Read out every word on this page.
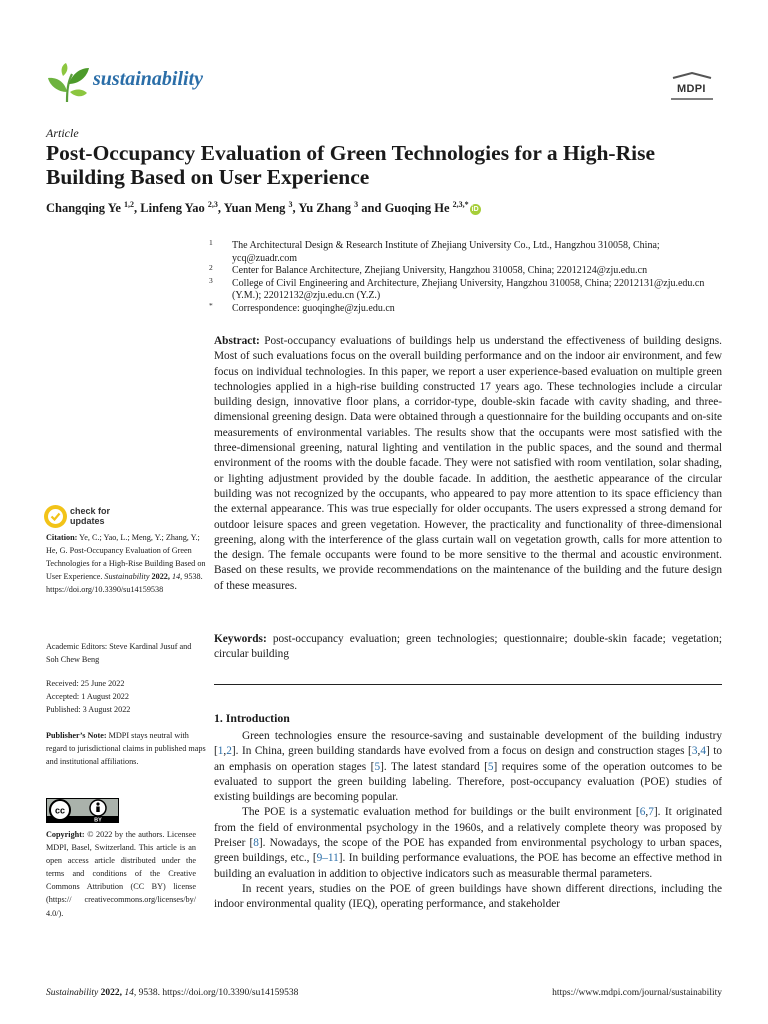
sustainability	MDPI
Article
Post-Occupancy Evaluation of Green Technologies for a High-Rise Building Based on User Experience
Changqing Ye $^{1,2}$, Linfeng Yao $^{2,3}$, Yuan Meng $^3$, Yu Zhang $^3$ and Guoqing He $^{2,3,*}$iD
1 The Architectural Design & Research Institute of Zhejiang University Co., Ltd., Hangzhou 310058, China; ycq@zuadr.com
2 Center for Balance Architecture, Zhejiang University, Hangzhou 310058, China; 22012124@zju.edu.cn
3 College of Civil Engineering and Architecture, Zhejiang University, Hangzhou 310058, China; 22012131@zju.edu.cn (Y.M.); 22012132@zju.edu.cn (Y.Z.)
* Correspondence: guoqinghe@zju.edu.cn
Abstract: Post-occupancy evaluations of buildings help us understand the effectiveness of building designs. Most of such evaluations focus on the overall building performance and on the indoor air environment, and few focus on individual technologies. In this paper, we report a user experience-based evaluation on multiple green technologies applied in a high-rise building constructed 17 years ago. These technologies include a circular building design, innovative floor plans, a corridor-type, double-skin facade with cavity shading, and three-dimensional greening design. Data were obtained through a questionnaire for the building occupants and on-site measurements of environmental variables. The results show that the occupants were most satisfied with the three-dimensional greening, natural lighting and ventilation in the public spaces, and the sound and thermal environment of the rooms with the double facade. They were not satisfied with room ventilation, solar shading, or lighting adjustment provided by the double facade. In addition, the aesthetic appearance of the circular building was not recognized by the occupants, who appeared to pay more attention to its space efficiency than the external appearance. This was true especially for older occupants. The users expressed a strong demand for outdoor leisure spaces and green vegetation. However, the practicality and functionality of three-dimensional greening, along with the interference of the glass curtain wall on vegetation growth, calls for more attention to the design. The female occupants were found to be more sensitive to the thermal and acoustic environment. Based on these results, we provide recommendations on the maintenance of the building and the future design of these measures.
Keywords: post-occupancy evaluation; green technologies; questionnaire; double-skin facade; vegetation; circular building
check for updates
Citation: Ye, C.; Yao, L.; Meng, Y.; Zhang, Y.; He, G. Post-Occupancy Evaluation of Green Technologies for a High-Rise Building Based on User Experience. Sustainability 2022, 14, 9538. https://doi.org/10.3390/su14159538
Academic Editors: Steve Kardinal Jusuf and Soh Chew Beng
Received: 25 June 2022
Accepted: 1 August 2022
Published: 3 August 2022
Publisher’s Note: MDPI stays neutral with regard to jurisdictional claims in published maps and institutional affiliations.
cc
BY
Copyright: © 2022 by the authors. Licensee MDPI, Basel, Switzerland. This article is an open access article distributed under the terms and conditions of the Creative Commons Attribution (CC BY) license (https:// creativecommons.org/licenses/by/ 4.0/).
1. Introduction
Green technologies ensure the resource-saving and sustainable development of the building industry [1,2]. In China, green building standards have evolved from a focus on design and construction stages [3,4] to an emphasis on operation stages [5]. The latest standard [5] requires some of the operation outcomes to be evaluated to support the green building labeling. Therefore, post-occupancy evaluation (POE) studies of existing buildings are becoming popular.
The POE is a systematic evaluation method for buildings or the built environment [6,7]. It originated from the field of environmental psychology in the 1960s, and a relatively complete theory was proposed by Preiser [8]. Nowadays, the scope of the POE has expanded from environmental psychology to urban spaces, green buildings, etc., [9–11]. In building performance evaluations, the POE has become an effective method in building an evaluation in addition to objective indicators such as measurable thermal parameters.
In recent years, studies on the POE of green buildings have shown different directions, including the indoor environmental quality (IEQ), operating performance, and stakeholder
Sustainability 2022, 14, 9538. https://doi.org/10.3390/su14159538	https://www.mdpi.com/journal/sustainability
